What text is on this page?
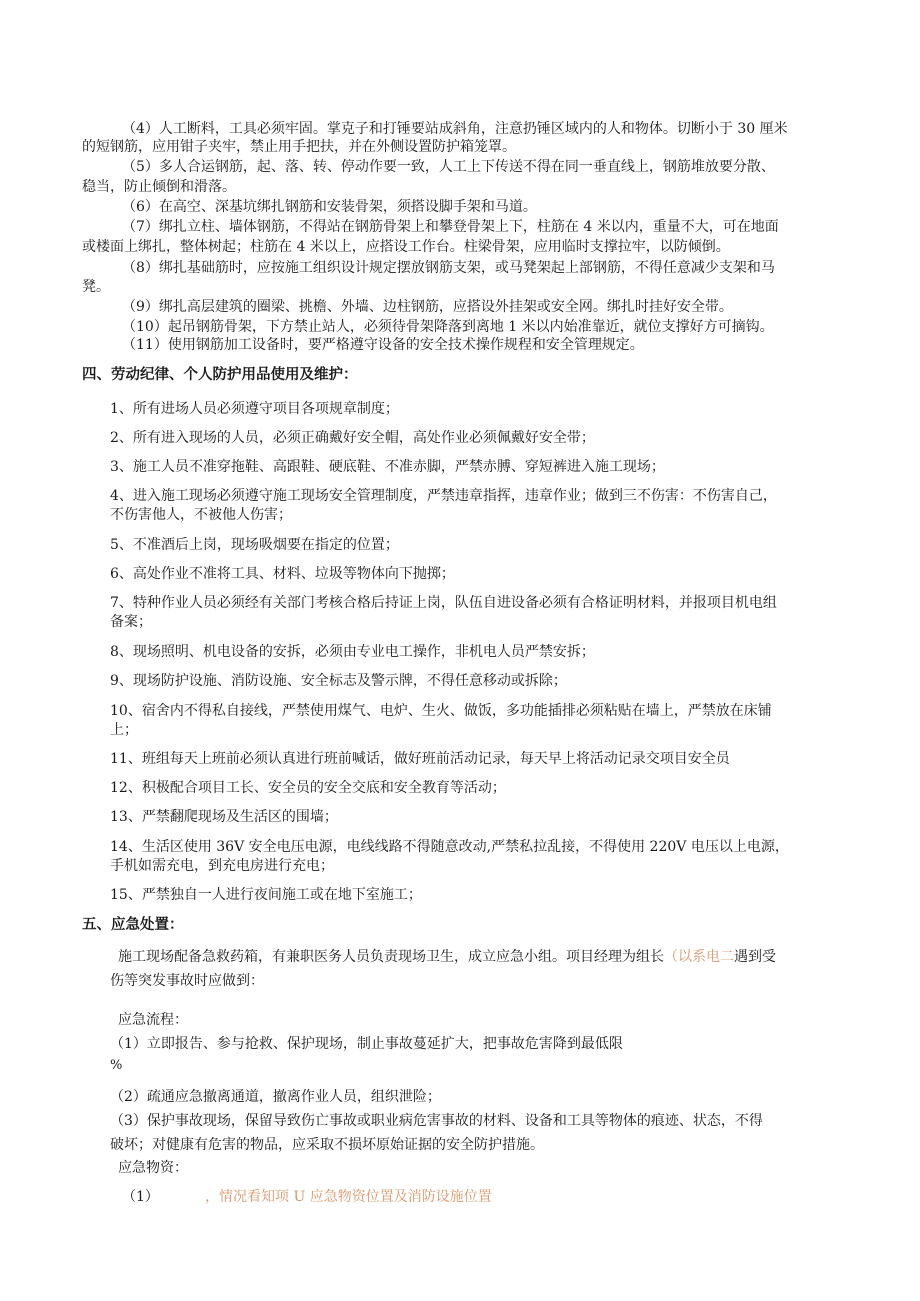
（4）人工断料，工具必须牢固。掌克子和打锤要站成斜角，注意扔锤区域内的人和物体。切断小于 30 厘米

的短钢筋，应用钳子夹牢，禁止用手把扶，并在外侧设置防护箱笼罩。

（5）多人合运钢筋，起、落、转、停动作要一致，人工上下传送不得在同一垂直线上，钢筋堆放要分散、

稳当，防止倾倒和滑落。

（6）在高空、深基坑绑扎钢筋和安装骨架，须搭设脚手架和马道。

（7）绑扎立柱、墙体钢筋，不得站在钢筋骨架上和攀登骨架上下，柱筋在 4 米以内，重量不大，可在地面

或楼面上绑扎，整体树起；柱筋在 4 米以上，应搭设工作台。柱梁骨架，应用临时支撑拉牢，以防倾倒。

（8）绑扎基础筋时，应按施工组织设计规定摆放钢筋支架，或马凳架起上部钢筋，不得任意减少支架和马

凳。

（9）绑扎高层建筑的圈梁、挑檐、外墙、边柱钢筋，应搭设外挂架或安全网。绑扎时挂好安全带。

（10）起吊钢筋骨架，下方禁止站人，必须待骨架降落到离地 1 米以内始准靠近，就位支撑好方可摘钩。

（11）使用钢筋加工设备时，要严格遵守设备的安全技术操作规程和安全管理规定。

四、劳动纪律、个人防护用品使用及维护：

1、所有进场人员必须遵守项目各项规章制度；

2、所有进入现场的人员，必须正确戴好安全帽，高处作业必须佩戴好安全带；

3、施工人员不准穿拖鞋、高跟鞋、硬底鞋、不准赤脚，严禁赤膊、穿短裤进入施工现场；

4、进入施工现场必须遵守施工现场安全管理制度，严禁违章指挥，违章作业；做到三不伤害：不伤害自己，

不伤害他人，不被他人伤害；

5、不准酒后上岗，现场吸烟要在指定的位置；

6、高处作业不准将工具、材料、垃圾等物体向下抛掷；

7、特种作业人员必须经有关部门考核合格后持证上岗，队伍自进设备必须有合格证明材料，并报项目机电组

备案；

8、现场照明、机电设备的安拆，必须由专业电工操作，非机电人员严禁安拆；

9、现场防护设施、消防设施、安全标志及警示牌，不得任意移动或拆除；

10、宿舍内不得私自接线，严禁使用煤气、电炉、生火、做饭，多功能插排必须粘贴在墙上，严禁放在床铺

上；

11、班组每天上班前必须认真进行班前喊话，做好班前活动记录，每天早上将活动记录交项目安全员

12、积极配合项目工长、安全员的安全交底和安全教育等活动；

13、严禁翻爬现场及生活区的围墙；

14、生活区使用 36V 安全电压电源，电线线路不得随意改动,严禁私拉乱接，不得使用 220V 电压以上电源，

手机如需充电，到充电房进行充电；

15、严禁独自一人进行夜间施工或在地下室施工；

五、应急处置：

施工现场配备急救药箱，有兼职医务人员负责现场卫生，成立应急小组。项目经理为组长（以系电二遇到受

伤等突发事故时应做到：

应急流程：

（1）立即报告、参与抢救、保护现场，制止事故蔓延扩大，把事故危害降到最低限

%

（2）疏通应急撤离通道，撤离作业人员，组织泄险；

（3）保护事故现场，保留导致伤亡事故或职业病危害事故的材料、设备和工具等物体的痕迹、状态，不得

破坏；对健康有危害的物品，应采取不损坏原始证据的安全防护措施。

应急物资：

（1）	，情况看知项 U 应急物资位置及消防设施位置
